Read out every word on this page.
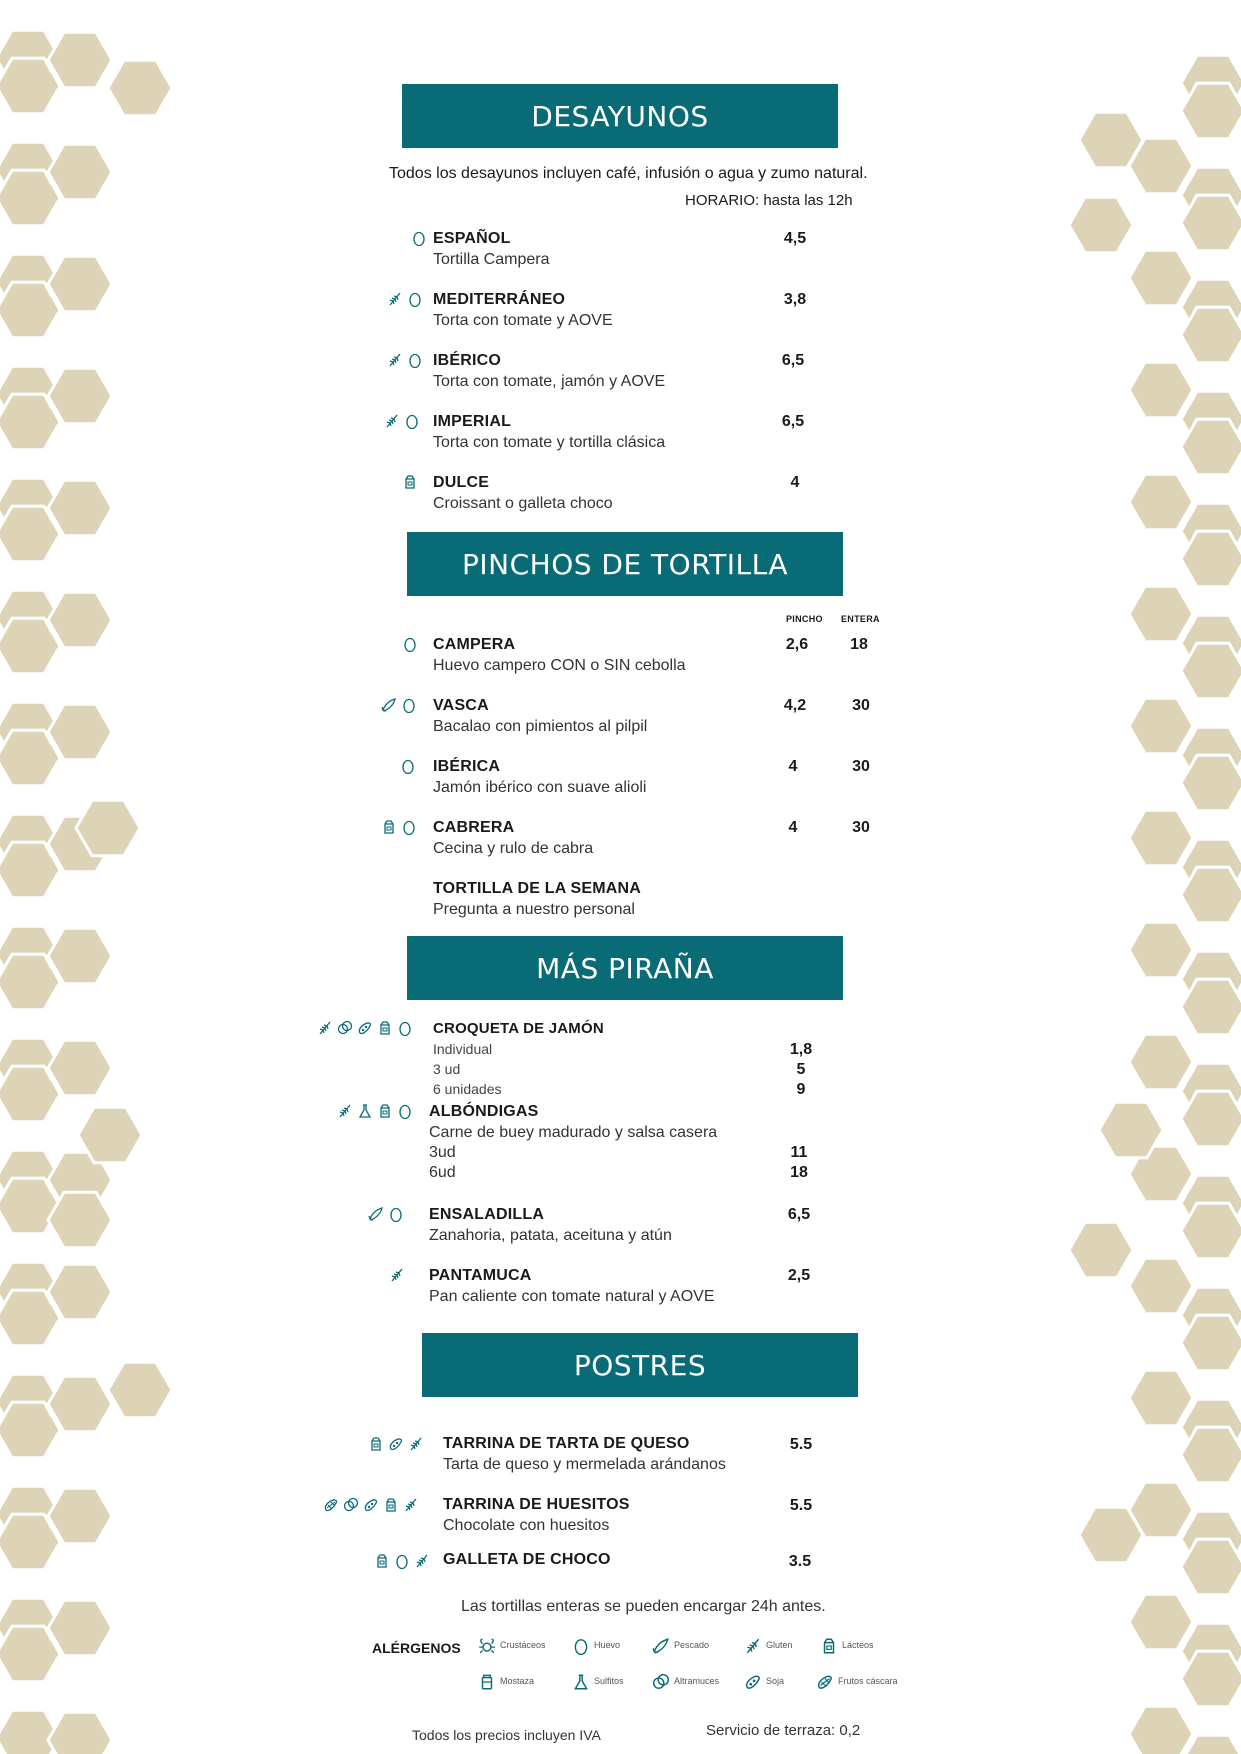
DESAYUNOS
Todos los desayunos incluyen café, infusión o agua y zumo natural.
HORARIO: hasta las 12h
ESPAÑOL
Tortilla Campera
4,5
MEDITERRÁNEO
Torta con tomate y AOVE
3,8
IBÉRICO
Torta con tomate, jamón y AOVE
6,5
IMPERIAL
Torta con tomate y tortilla clásica
6,5
DULCE
Croissant o galleta choco
4
PINCHOS DE TORTILLA
PINCHO ENTERA
CAMPERA
Huevo campero CON o SIN cebolla
2,6	18
VASCA
Bacalao con pimientos al pilpil
4,2	30
IBÉRICA
Jamón ibérico con suave alioli
4	30
CABRERA
Cecina y rulo de cabra
4	30
TORTILLA DE LA SEMANA
Pregunta a nuestro personal
MÁS PIRAÑA
CROQUETA DE JAMÓN
Individual	1,8
3 ud	5
6 unidades	9
ALBÓNDIGAS
Carne de buey madurado y salsa casera
3ud	11
6ud	18
ENSALADILLA
Zanahoria, patata, aceituna y atún
6,5
PANTAMUCA
Pan caliente con tomate natural y AOVE
2,5
POSTRES
TARRINA DE TARTA DE QUESO
Tarta de queso y mermelada arándanos
5.5
TARRINA DE HUESITOS
Chocolate con huesitos
5.5
GALLETA DE CHOCO	3.5
Las tortillas enteras se pueden encargar 24h antes.
ALÉRGENOS	Crustáceos	Huevo	Pescado	Gluten	Lácteos
Mostaza	Sulfitos	Altramuces	Soja	Frutos cáscara
Todos los precios incluyen IVA	Servicio de terraza: 0,2
